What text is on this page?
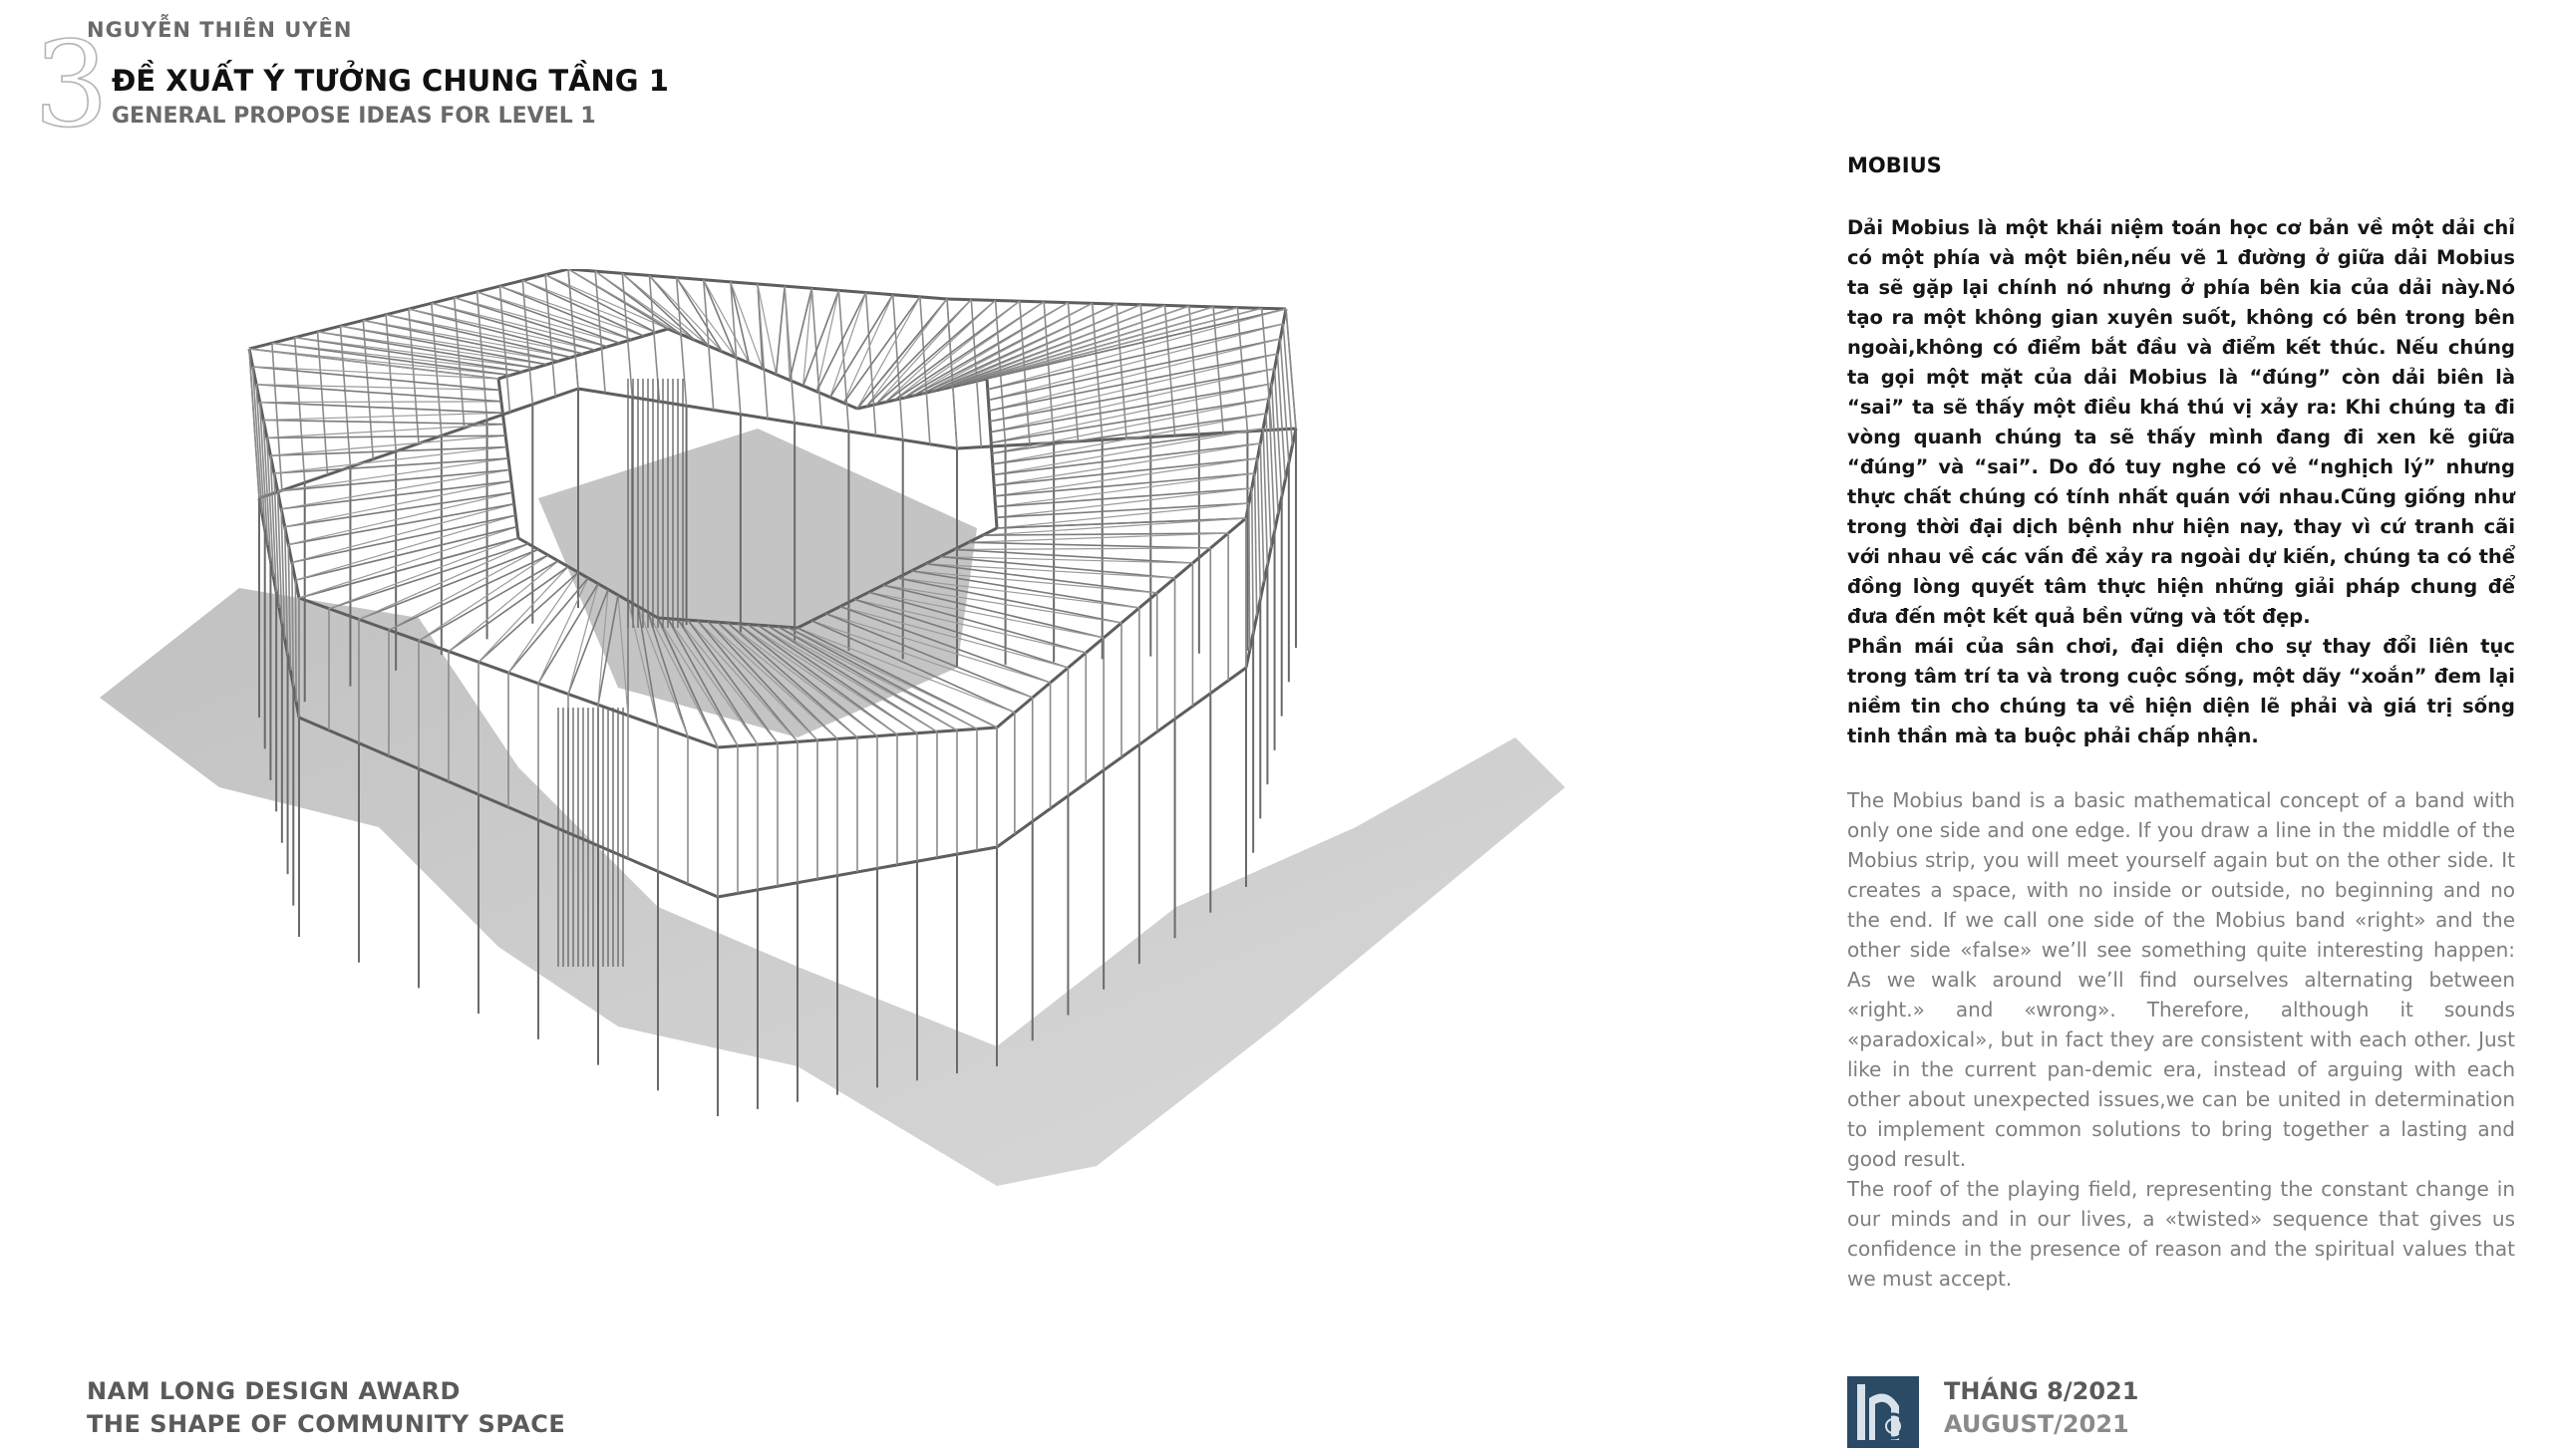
NGUYỄN THIÊN UYÊN
3 ĐỀ XUẤT Ý TƯỞNG CHUNG TẦNG 1
GENERAL PROPOSE IDEAS FOR LEVEL 1
MOBIUS

Dải Mobius là một khái niệm toán học cơ bản về một dải chỉ có một phía và một biên,nếu vẽ 1 đường ở giữa dải Mobius ta sẽ gặp lại chính nó nhưng ở phía bên kia của dải này.Nó tạo ra một không gian xuyên suốt, không có bên trong bên ngoài,không có điểm bắt đầu và điểm kết thúc. Nếu chúng ta gọi một mặt của dải Mobius là “đúng” còn dải biên là “sai” ta sẽ thấy một điều khá thú vị xảy ra: Khi chúng ta đi vòng quanh chúng ta sẽ thấy mình đang đi xen kẽ giữa “đúng” và “sai”. Do đó tuy nghe có vẻ “nghịch lý” nhưng thực chất chúng có tính nhất quán với nhau.Cũng giống như trong thời đại dịch bệnh như hiện nay, thay vì cứ tranh cãi với nhau về các vấn đề xảy ra ngoài dự kiến, chúng ta có thể đồng lòng quyết tâm thực hiện những giải pháp chung để đưa đến một kết quả bền vững và tốt đẹp.

Phần mái của sân chơi, đại diện cho sự thay đổi liên tục trong tâm trí ta và trong cuộc sống, một dãy “xoắn” đem lại niềm tin cho chúng ta về hiện diện lẽ phải và giá trị sống tinh thần mà ta buộc phải chấp nhận.

The Mobius band is a basic mathematical concept of a band with only one side and one edge. If you draw a line in the middle of the Mobius strip, you will meet yourself again but on the other side. It creates a space, with no inside or outside, no beginning and no the end. If we call one side of the Mobius band «right» and the other side «false» we’ll see something quite interesting happen: As we walk around we’ll find ourselves alternating between «right.» and «wrong». Therefore, although it sounds «paradoxical», but in fact they are consistent with each other. Just like in the current pan-demic era, instead of arguing with each other about unexpected issues,we can be united in determination to implement common solutions to bring together a lasting and good result.

The roof of the playing field, representing the constant change in our minds and in our lives, a «twisted» sequence that gives us confidence in the presence of reason and the spiritual values that we must accept.

NAM LONG DESIGN AWARD
THE SHAPE OF COMMUNITY SPACE
THÁNG 8/2021
AUGUST/2021
